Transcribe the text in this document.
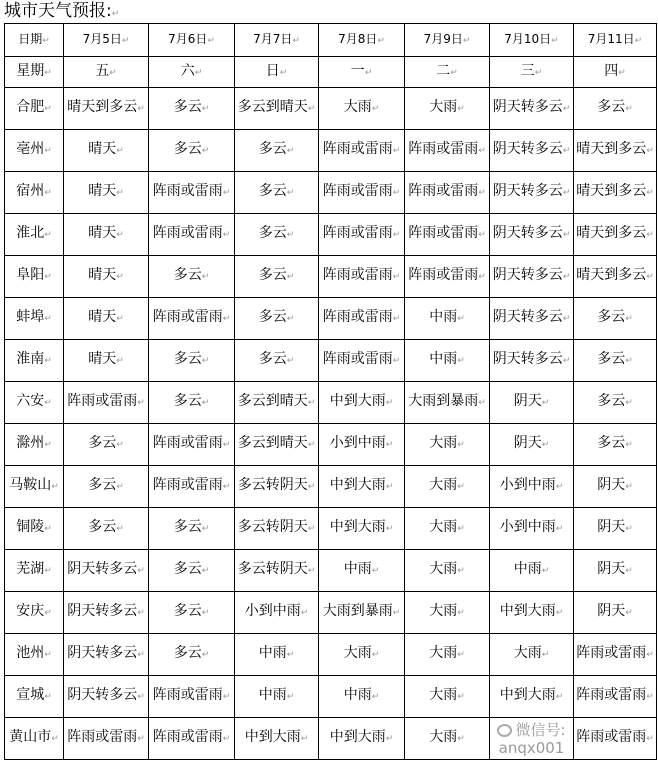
城市天气预报: ↵
日期 ↵	7月5日 ↵	7月6日 ↵	7月7日 ↵	7月8日 ↵	7月9日 ↵	7月10日 ↵	7月11日 ↵
星期 ↵	五 ↵	六 ↵	日 ↵	一 ↵	二 ↵	三 ↵	四 ↵
合肥 ↵	晴天到多云 ↵	多云 ↵	多云到晴天 ↵	大雨 ↵	大雨 ↵	阴天转多云 ↵	多云 ↵
亳州 ↵	晴天 ↵	多云 ↵	多云 ↵	阵雨或雷雨 ↵	阵雨或雷雨 ↵	阴天转多云 ↵	晴天到多云 ↵
宿州 ↵	晴天 ↵	阵雨或雷雨 ↵	多云 ↵	阵雨或雷雨 ↵	阵雨或雷雨 ↵	阴天转多云 ↵	晴天到多云 ↵
淮北 ↵	晴天 ↵	阵雨或雷雨 ↵	多云 ↵	阵雨或雷雨 ↵	阵雨或雷雨 ↵	阴天转多云 ↵	晴天到多云 ↵
阜阳 ↵	晴天 ↵	多云 ↵	多云 ↵	阵雨或雷雨 ↵	阵雨或雷雨 ↵	阴天转多云 ↵	晴天到多云 ↵
蚌埠 ↵	晴天 ↵	阵雨或雷雨 ↵	多云 ↵	阵雨或雷雨 ↵	中雨 ↵	阴天转多云 ↵	多云 ↵
淮南 ↵	晴天 ↵	多云 ↵	多云 ↵	阵雨或雷雨 ↵	中雨 ↵	阴天转多云 ↵	多云 ↵
六安 ↵	阵雨或雷雨 ↵	多云 ↵	多云到晴天 ↵	中到大雨 ↵	大雨到暴雨 ↵	阴天 ↵	多云 ↵
滁州 ↵	多云 ↵	阵雨或雷雨 ↵	多云到晴天 ↵	小到中雨 ↵	大雨 ↵	阴天 ↵	多云 ↵
马鞍山 ↵	多云 ↵	阵雨或雷雨 ↵	多云转阴天 ↵	中到大雨 ↵	大雨 ↵	小到中雨 ↵	阴天 ↵
铜陵 ↵	多云 ↵	多云 ↵	多云转阴天 ↵	中到大雨 ↵	大雨 ↵	小到中雨 ↵	阴天 ↵
芜湖 ↵	阴天转多云 ↵	多云 ↵	多云转阴天 ↵	中雨 ↵	大雨 ↵	中雨 ↵	阴天 ↵
安庆 ↵	阴天转多云 ↵	多云 ↵	小到中雨 ↵	大雨到暴雨 ↵	大雨 ↵	中到大雨 ↵	阴天 ↵
池州 ↵	阴天转多云 ↵	多云 ↵	中雨 ↵	大雨 ↵	大雨 ↵	大雨 ↵	阵雨或雷雨 ↵
宣城 ↵	阴天转多云 ↵	阵雨或雷雨 ↵	中雨 ↵	中雨 ↵	大雨 ↵	中到大雨 ↵	阵雨或雷雨 ↵
黄山市 ↵	阵雨或雷雨 ↵	阵雨或雷雨 ↵	中到大雨 ↵	中到大雨 ↵	大雨 ↵	微信号: anqx001	阵雨或雷雨 ↵
